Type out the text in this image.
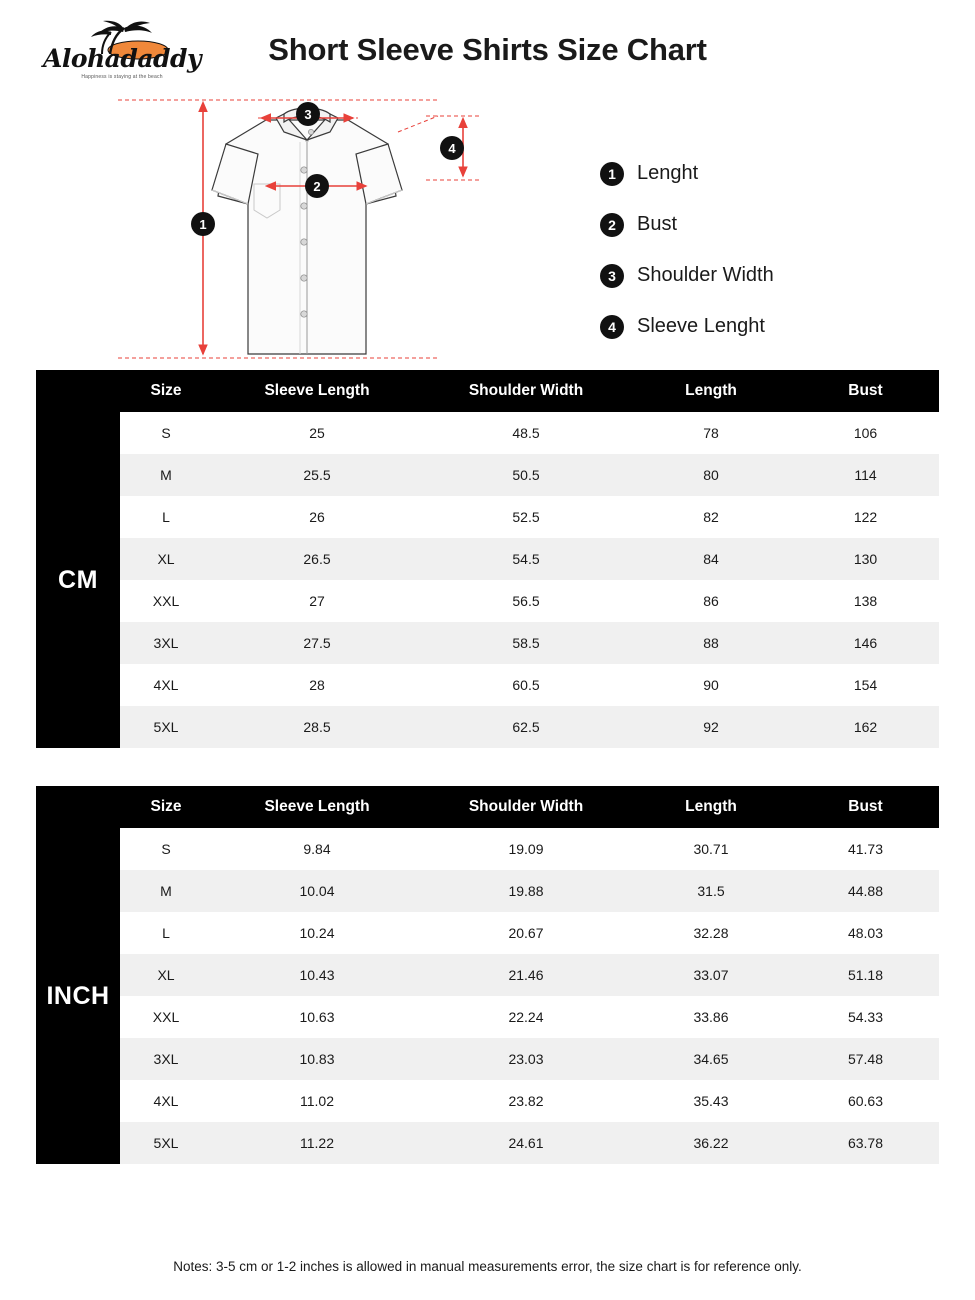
Alohadaddy
Happiness is staying at the beach
Short Sleeve Shirts Size Chart
1
2
3
4
1	Lenght
2	Bust
3	Shoulder Width
4	Sleeve Lenght
	Size	Sleeve Length	Shoulder Width	Length	Bust
CM	S	25	48.5	78	106
	M	25.5	50.5	80	114
	L	26	52.5	82	122
	XL	26.5	54.5	84	130
	XXL	27	56.5	86	138
	3XL	27.5	58.5	88	146
	4XL	28	60.5	90	154
	5XL	28.5	62.5	92	162
	Size	Sleeve Length	Shoulder Width	Length	Bust
INCH	S	9.84	19.09	30.71	41.73
	M	10.04	19.88	31.5	44.88
	L	10.24	20.67	32.28	48.03
	XL	10.43	21.46	33.07	51.18
	XXL	10.63	22.24	33.86	54.33
	3XL	10.83	23.03	34.65	57.48
	4XL	11.02	23.82	35.43	60.63
	5XL	11.22	24.61	36.22	63.78
Notes: 3-5 cm or 1-2 inches is allowed in manual measurements error, the size chart is for reference only.
